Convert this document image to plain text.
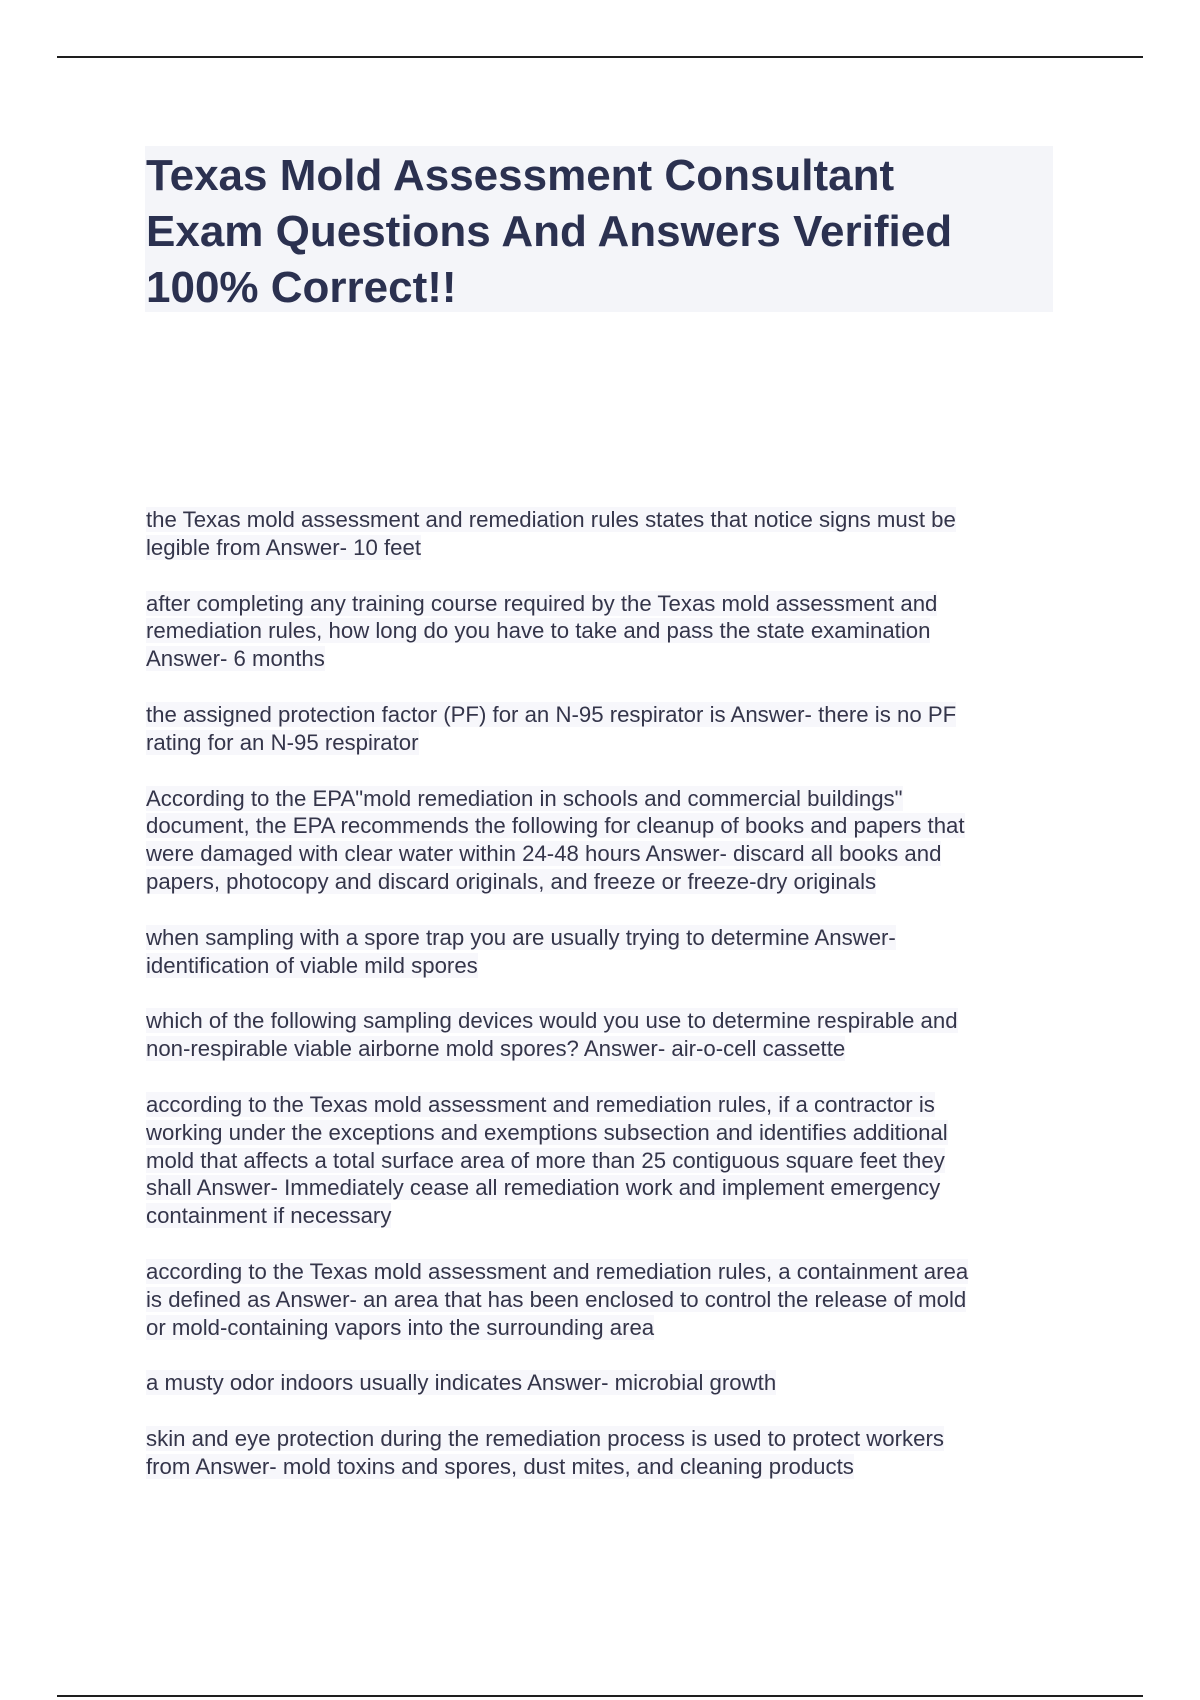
Texas Mold Assessment Consultant
Exam Questions And Answers Verified
100% Correct!!
the Texas mold assessment and remediation rules states that notice signs must be
legible from Answer- 10 feet
after completing any training course required by the Texas mold assessment and
remediation rules, how long do you have to take and pass the state examination
Answer- 6 months
the assigned protection factor (PF) for an N-95 respirator is Answer- there is no PF
rating for an N-95 respirator
According to the EPA"mold remediation in schools and commercial buildings"
document, the EPA recommends the following for cleanup of books and papers that
were damaged with clear water within 24-48 hours Answer- discard all books and
papers, photocopy and discard originals, and freeze or freeze-dry originals
when sampling with a spore trap you are usually trying to determine Answer-
identification of viable mild spores
which of the following sampling devices would you use to determine respirable and
non-respirable viable airborne mold spores? Answer- air-o-cell cassette
according to the Texas mold assessment and remediation rules, if a contractor is
working under the exceptions and exemptions subsection and identifies additional
mold that affects a total surface area of more than 25 contiguous square feet they
shall Answer- Immediately cease all remediation work and implement emergency
containment if necessary
according to the Texas mold assessment and remediation rules, a containment area
is defined as Answer- an area that has been enclosed to control the release of mold
or mold-containing vapors into the surrounding area
a musty odor indoors usually indicates Answer- microbial growth
skin and eye protection during the remediation process is used to protect workers
from Answer- mold toxins and spores, dust mites, and cleaning products
